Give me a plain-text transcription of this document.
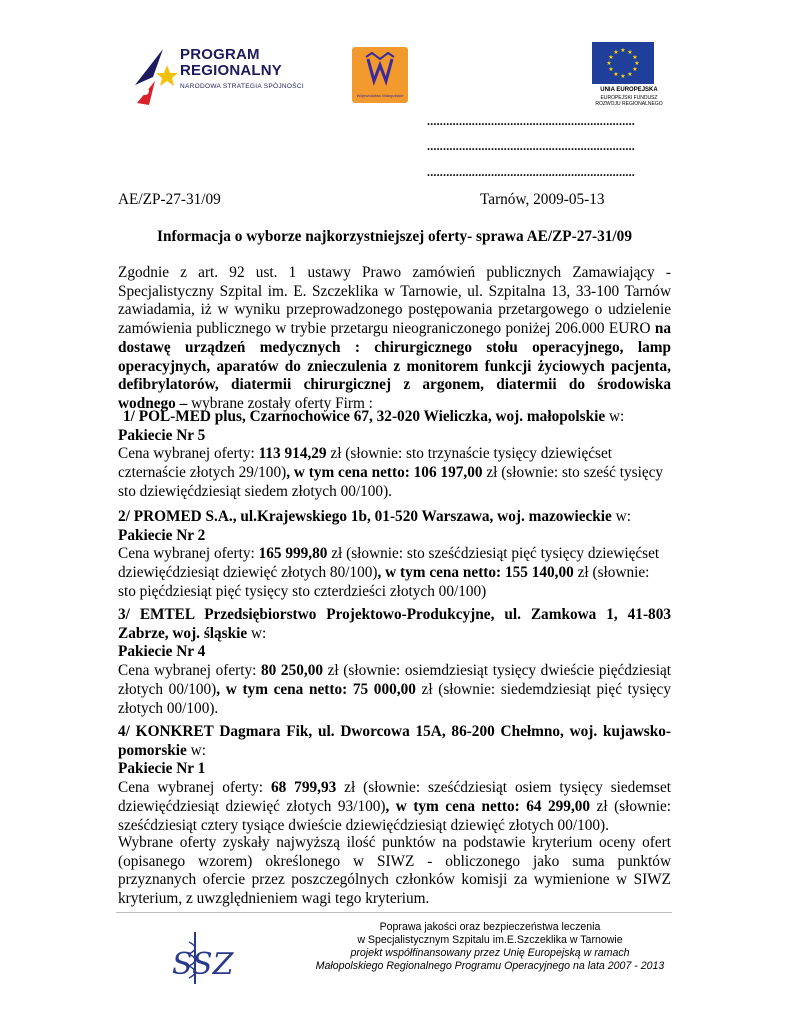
PROGRAM
REGIONALNY
NARODOWA STRATEGIA SPÓJNOŚCI
Województwo Małopolskie
★ ★
★
★
★
★
★
★
★
★
★
★
UNIA EUROPEJSKA
EUROPEJSKI FUNDUSZ
ROZWOJU REGIONALNEGO
.................................................................
.................................................................
.................................................................
AE/ZP-27-31/09	Tarnów, 2009-05-13
Informacja o wyborze najkorzystniejszej oferty- sprawa AE/ZP-27-31/09
Zgodnie z art. 92 ust. 1 ustawy Prawo zamówień publicznych Zamawiający - Specjalistyczny Szpital im. E. Szczeklika w Tarnowie, ul. Szpitalna 13, 33-100 Tarnów zawiadamia, iż w wyniku przeprowadzonego postępowania przetargowego o udzielenie zamówienia publicznego w trybie przetargu nieograniczonego poniżej 206.000 EURO na dostawę urządzeń medycznych : chirurgicznego stołu operacyjnego, lamp operacyjnych, aparatów do znieczulenia z monitorem funkcji życiowych pacjenta, defibrylatorów, diatermii chirurgicznej z argonem, diatermii do środowiska wodnego – wybrane zostały oferty Firm :
1/ POL-MED plus, Czarnochowice 67, 32-020 Wieliczka, woj. małopolskie w:
Pakiecie Nr 5
Cena wybranej oferty: 113 914,29 zł (słownie: sto trzynaście tysięcy dziewięćset czternaście złotych 29/100), w tym cena netto: 106 197,00 zł (słownie: sto sześć tysięcy sto dziewięćdziesiąt siedem złotych 00/100).
2/ PROMED S.A., ul.Krajewskiego 1b, 01-520 Warszawa, woj. mazowieckie w:
Pakiecie Nr 2
Cena wybranej oferty: 165 999,80 zł (słownie: sto sześćdziesiąt pięć tysięcy dziewięćset dziewięćdziesiąt dziewięć złotych 80/100), w tym cena netto: 155 140,00 zł (słownie: sto pięćdziesiąt pięć tysięcy sto czterdzieści złotych 00/100)
3/ EMTEL Przedsiębiorstwo Projektowo-Produkcyjne, ul. Zamkowa 1, 41-803 Zabrze, woj. śląskie w:
Pakiecie Nr 4
Cena wybranej oferty: 80 250,00 zł (słownie: osiemdziesiąt tysięcy dwieście pięćdziesiąt złotych 00/100), w tym cena netto: 75 000,00 zł (słownie: siedemdziesiąt pięć tysięcy złotych 00/100).
4/ KONKRET Dagmara Fik, ul. Dworcowa 15A, 86-200 Chełmno, woj. kujawsko-pomorskie w:
Pakiecie Nr 1
Cena wybranej oferty: 68 799,93 zł (słownie: sześćdziesiąt osiem tysięcy siedemset dziewięćdziesiąt dziewięć złotych 93/100), w tym cena netto: 64 299,00 zł (słownie: sześćdziesiąt cztery tysiące dwieście dziewięćdziesiąt dziewięć złotych 00/100).
Wybrane oferty zyskały najwyższą ilość punktów na podstawie kryterium oceny ofert (opisanego wzorem) określonego w SIWZ - obliczonego jako suma punktów przyznanych ofercie przez poszczególnych członków komisji za wymienione w SIWZ kryterium, z uwzględnieniem wagi tego kryterium.
SSZ
Poprawa jakości oraz bezpieczeństwa leczenia
w Specjalistycznym Szpitalu im.E.Szczeklika w Tarnowie
projekt współfinansowany przez Unię Europejską w ramach
Małopolskiego Regionalnego Programu Operacyjnego na lata 2007 - 2013
